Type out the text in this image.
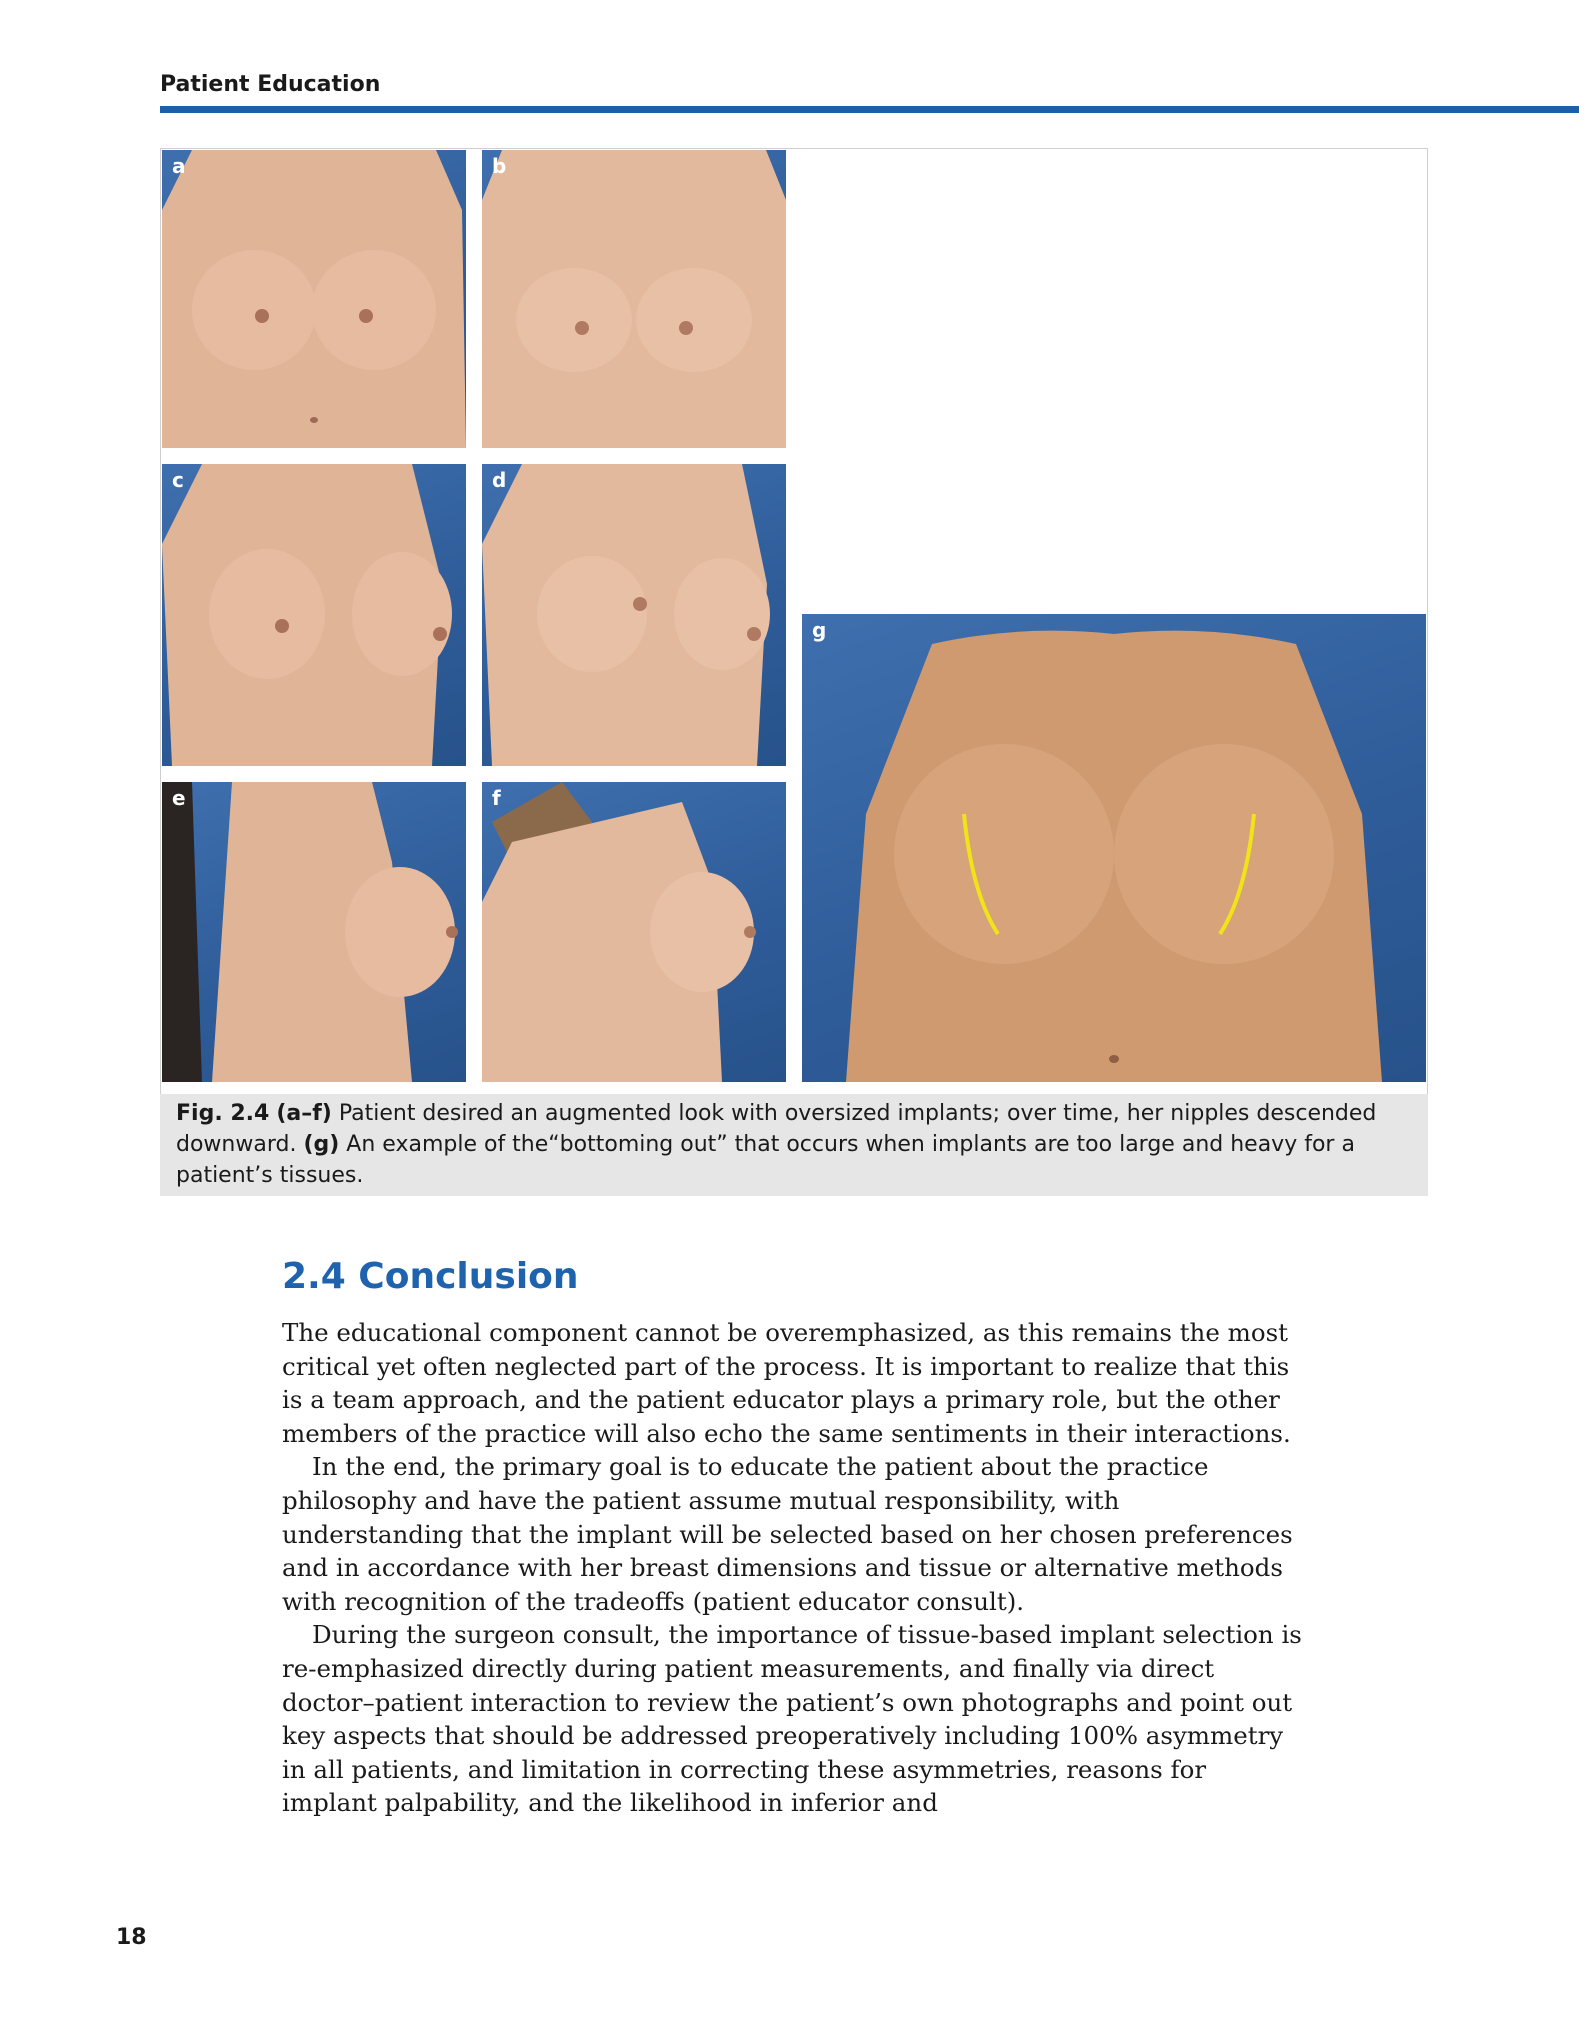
Patient Education
a	b
c	d
e	f
g

Fig. 2.4 (a–f) Patient desired an augmented look with oversized implants; over time, her nipples descended downward. (g) An example of the“bottoming out” that occurs when implants are too large and heavy for a patient’s tissues.

2.4 Conclusion

The educational component cannot be overemphasized, as this remains the most critical yet often neglected part of the process. It is important to realize that this is a team approach, and the patient educator plays a primary role, but the other members of the practice will also echo the same sentiments in their interactions.

In the end, the primary goal is to educate the patient about the practice philosophy and have the patient assume mutual responsibility, with understanding that the implant will be selected based on her chosen preferences and in accordance with her breast dimensions and tissue or alternative methods with recognition of the tradeoffs (patient educator consult).

During the surgeon consult, the importance of tissue-based implant selection is re-emphasized directly during patient measurements, and finally via direct doctor–patient interaction to review the patient’s own photographs and point out key aspects that should be addressed preoperatively including 100% asymmetry in all patients, and limitation in correcting these asymmetries, reasons for implant palpability, and the likelihood in inferior and

18
